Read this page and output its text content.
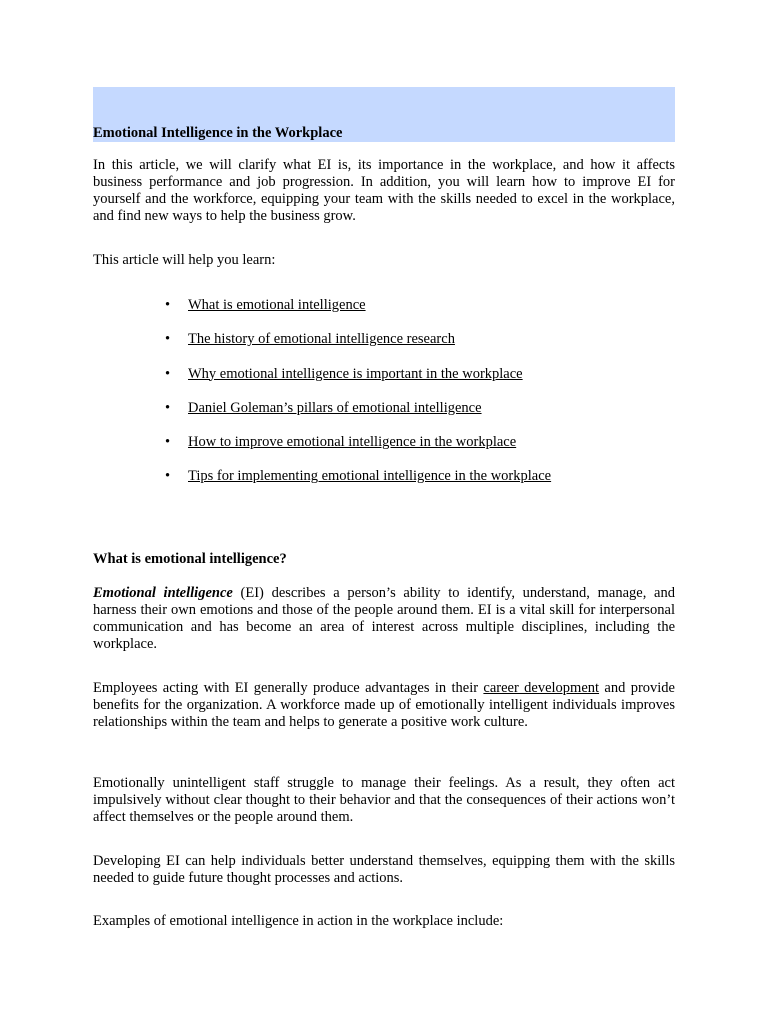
Emotional Intelligence in the Workplace

In this article, we will clarify what EI is, its importance in the workplace, and how it affects business performance and job progression. In addition, you will learn how to improve EI for yourself and the workforce, equipping your team with the skills needed to excel in the workplace, and find new ways to help the business grow.

This article will help you learn:

• What is emotional intelligence
• The history of emotional intelligence research
• Why emotional intelligence is important in the workplace
• Daniel Goleman’s pillars of emotional intelligence
• How to improve emotional intelligence in the workplace
• Tips for implementing emotional intelligence in the workplace
What is emotional intelligence?

Emotional intelligence (EI) describes a person’s ability to identify, understand, manage, and harness their own emotions and those of the people around them. EI is a vital skill for interpersonal communication and has become an area of interest across multiple disciplines, including the workplace.

Employees acting with EI generally produce advantages in their career development and provide benefits for the organization. A workforce made up of emotionally intelligent individuals improves relationships within the team and helps to generate a positive work culture.

Emotionally unintelligent staff struggle to manage their feelings. As a result, they often act impulsively without clear thought to their behavior and that the consequences of their actions won’t affect themselves or the people around them.

Developing EI can help individuals better understand themselves, equipping them with the skills needed to guide future thought processes and actions.

Examples of emotional intelligence in action in the workplace include:
